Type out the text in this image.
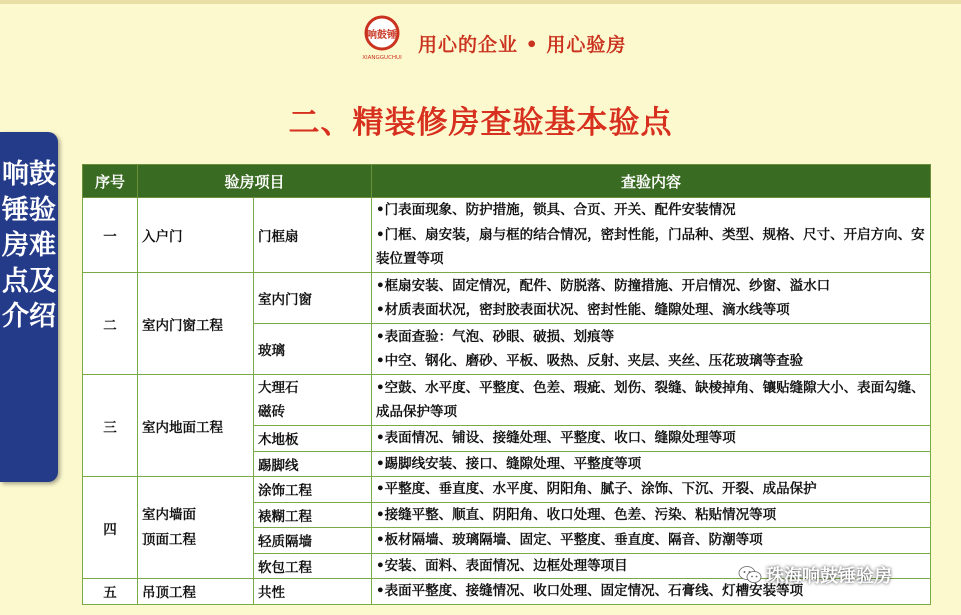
响鼓锤
XIANGGUCHUI
用心的企业 • 用心验房
二、精装修房查验基本验点
响鼓锤验房难点及介绍
序号	验房项目		查验内容
一	入户门	门框扇	•门表面现象、防护措施，锁具、合页、开关、配件安装情况
•门框、扇安装，扇与框的结合情况，密封性能，门品种、类型、规格、尺寸、开启方向、安装位置等项

二	室内门窗工程	室内门窗	•框扇安装、固定情况，配件、防脱落、防撞措施、开启情况、纱窗、溢水口
•材质表面状况，密封胶表面状况、密封性能、缝隙处理、滴水线等项

		玻璃	•表面查验：气泡、砂眼、破损、划痕等
•中空、钢化、磨砂、平板、吸热、反射、夹层、夹丝、压花玻璃等查验

三	室内地面工程	大理石
磁砖	•空鼓、水平度、平整度、色差、瑕疵、划伤、裂缝、缺棱掉角、镶贴缝隙大小、表面勾缝、成品保护等项

		木地板	•表面情况、铺设、接缝处理、平整度、收口、缝隙处理等项

		踢脚线	•踢脚线安装、接口、缝隙处理、平整度等项

四	室内墙面
顶面工程	涂饰工程	•平整度、垂直度、水平度、阴阳角、腻子、涂饰、下沉、开裂、成品保护

		裱糊工程	•接缝平整、顺直、阴阳角、收口处理、色差、污染、粘贴情况等项

		轻质隔墙	•板材隔墙、玻璃隔墙、固定、平整度、垂直度、隔音、防潮等项

		软包工程	•安装、面料、表面情况、边框处理等项目

五	吊顶工程	共性	•表面平整度、接缝情况、收口处理、固定情况、石膏线、灯槽安装等项
珠海响鼓锤验房
